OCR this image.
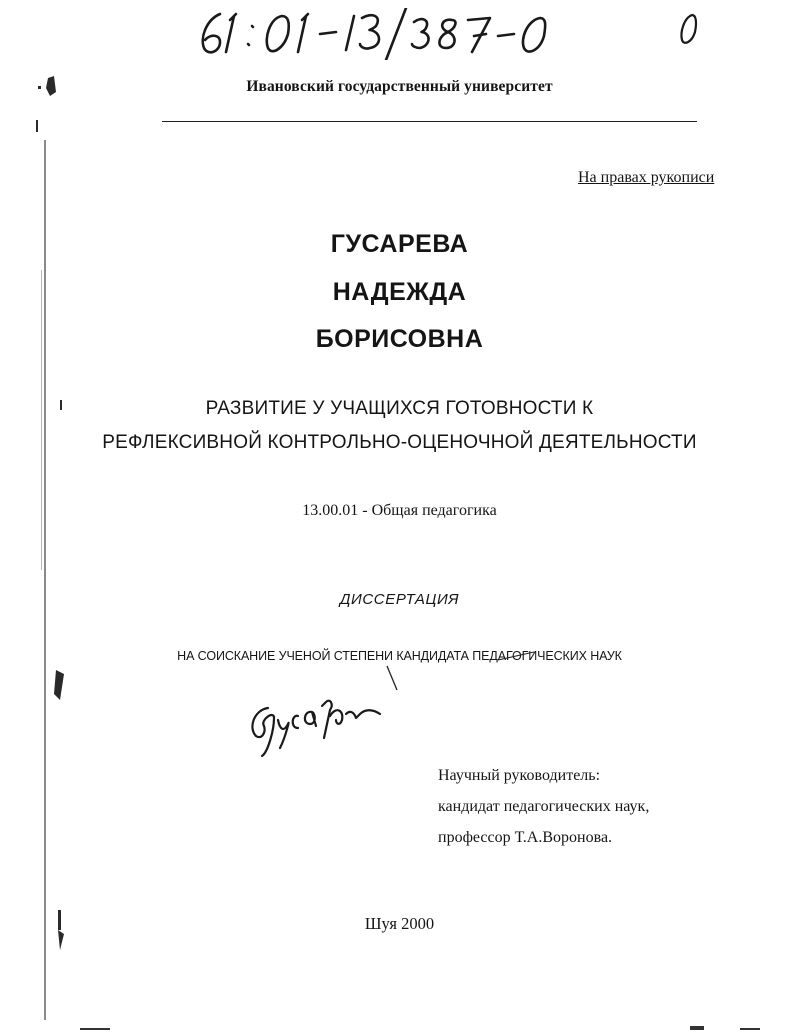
Ивановский государственный университет
На правах рукописи
ГУСАРЕВА
НАДЕЖДА
БОРИСОВНА
РАЗВИТИЕ У УЧАЩИХСЯ ГОТОВНОСТИ К
РЕФЛЕКСИВНОЙ КОНТРОЛЬНО-ОЦЕНОЧНОЙ ДЕЯТЕЛЬНОСТИ
13.00.01 - Общая педагогика
ДИССЕРТАЦИЯ
НА СОИСКАНИЕ УЧЕНОЙ СТЕПЕНИ КАНДИДАТА ПЕДАГОГИЧЕСКИХ НАУК
Научный руководитель:
кандидат педагогических наук,
профессор Т.А.Воронова.
Шуя 2000
